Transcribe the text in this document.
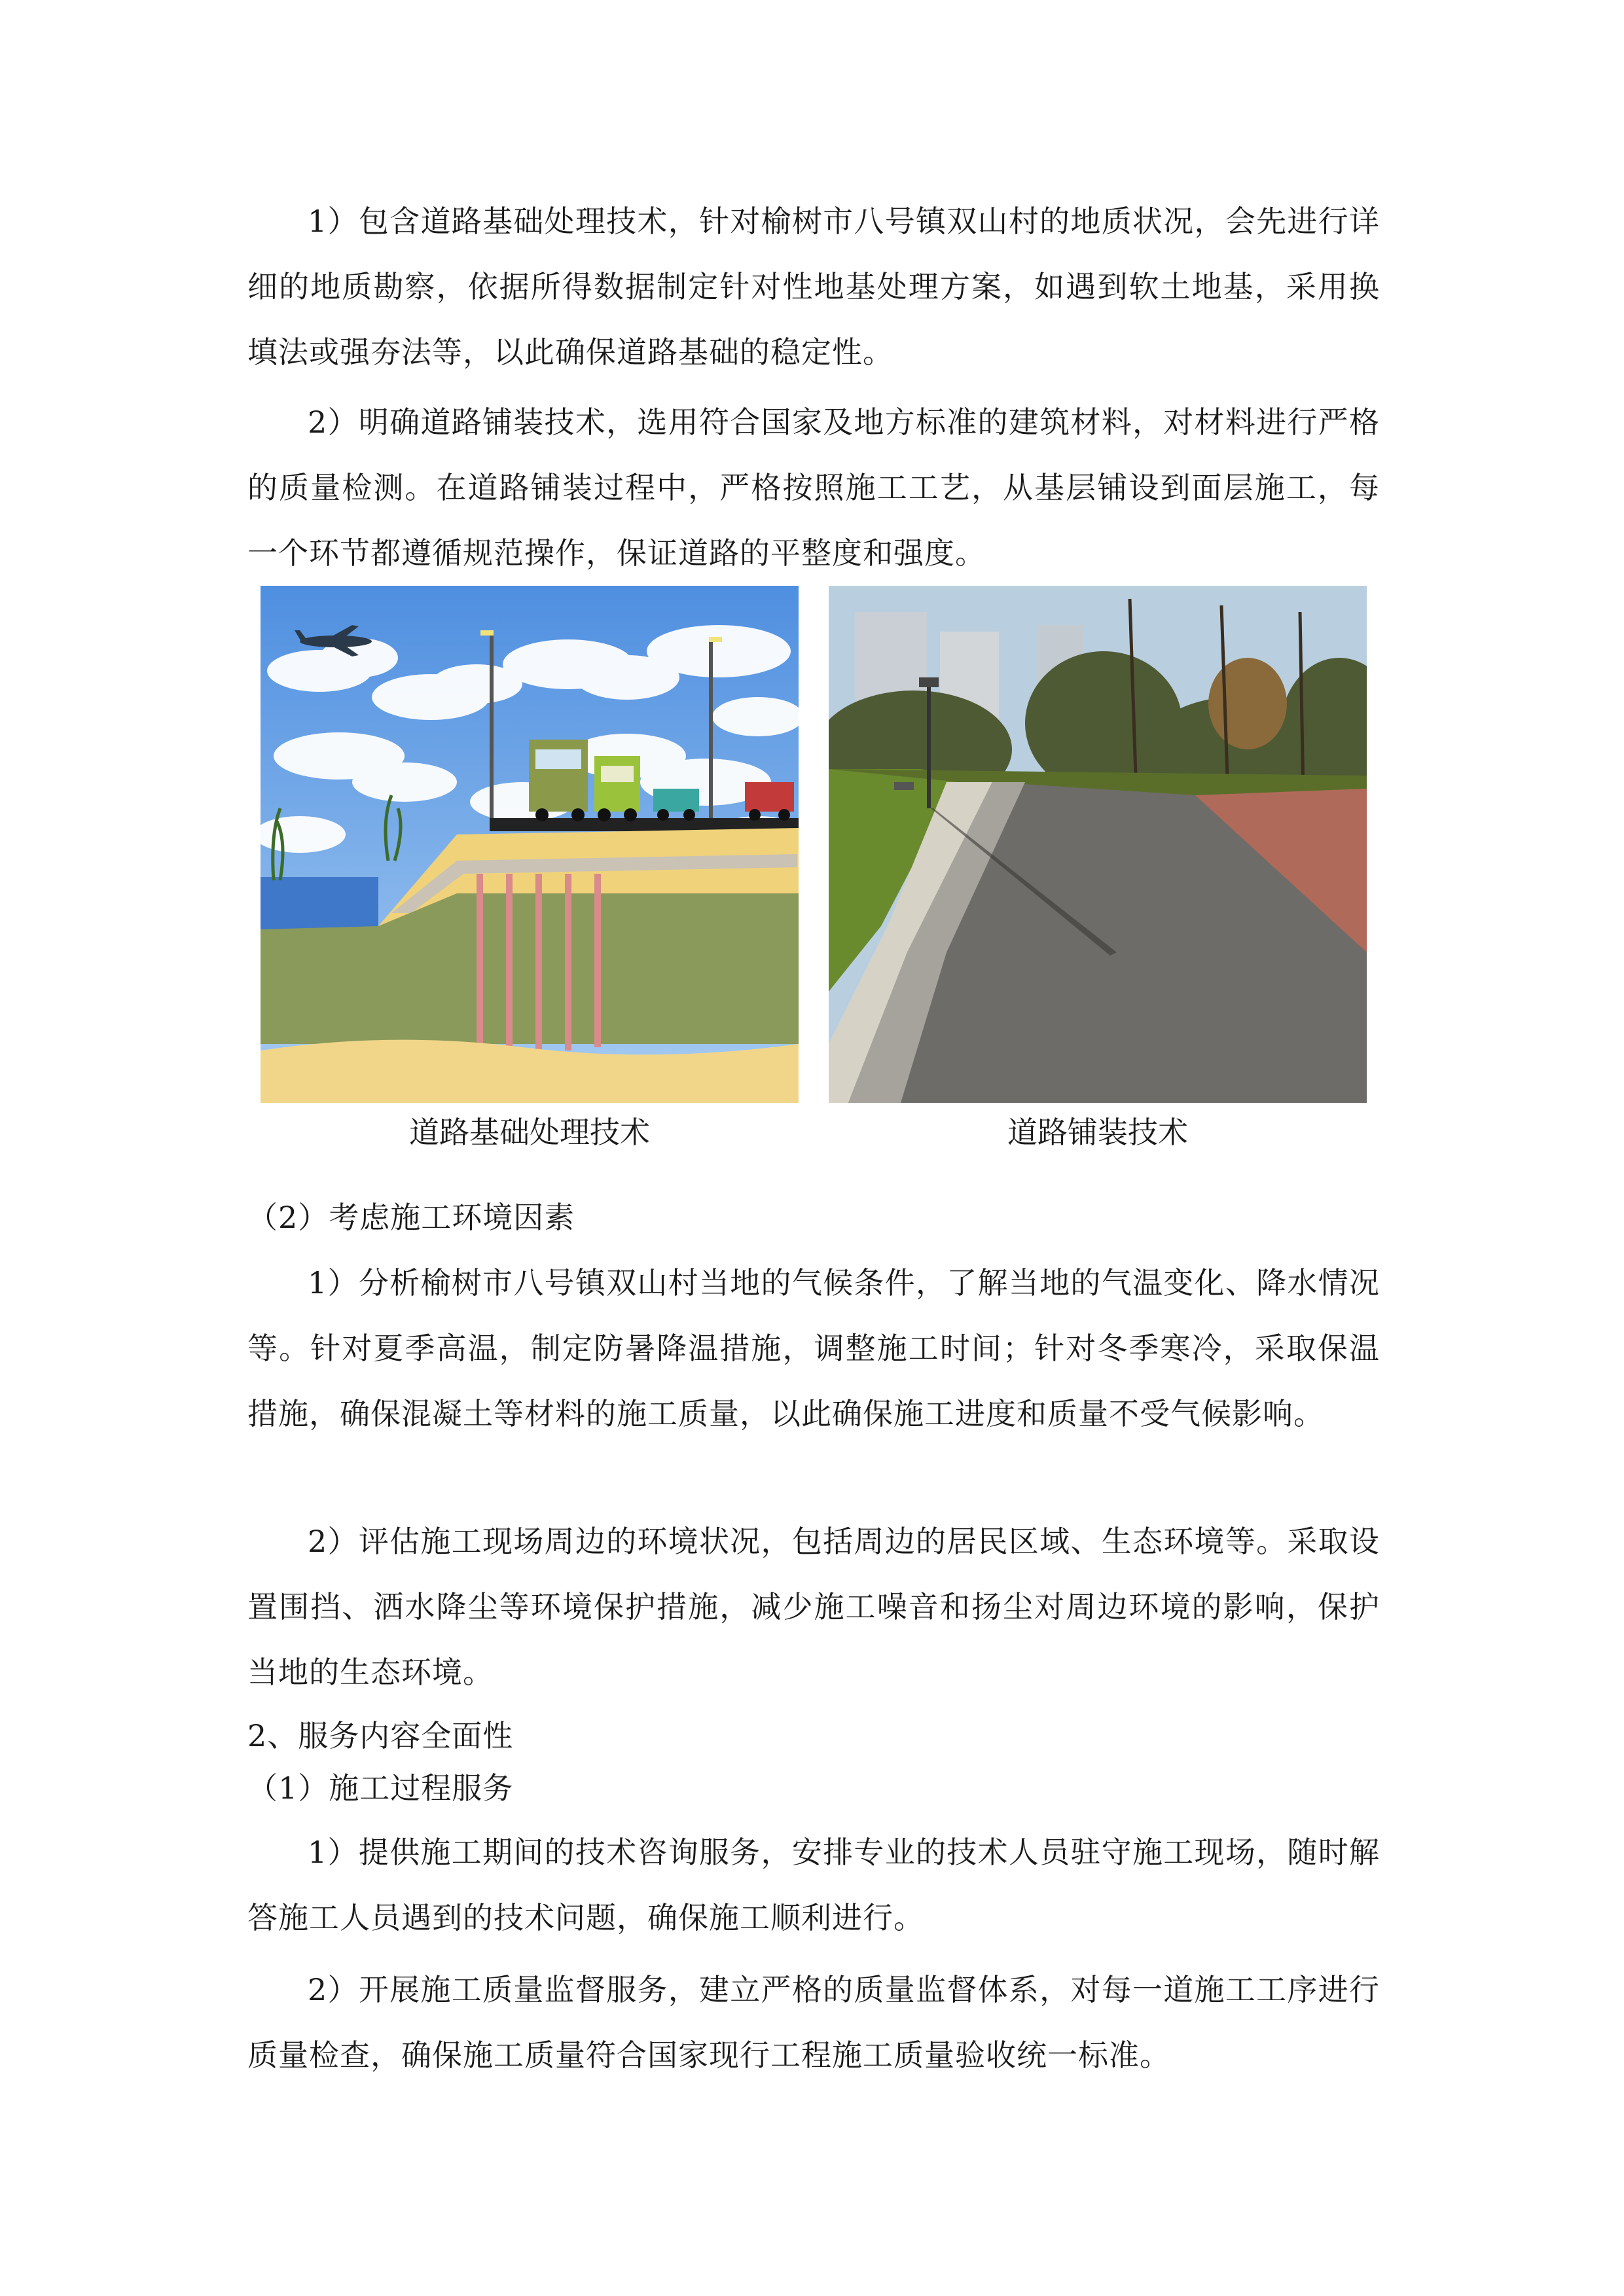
1）包含道路基础处理技术，针对榆树市八号镇双山村的地质状况，会先进行详细的地质勘察，依据所得数据制定针对性地基处理方案，如遇到软土地基，采用换填法或强夯法等，以此确保道路基础的稳定性。

2）明确道路铺装技术，选用符合国家及地方标准的建筑材料，对材料进行严格的质量检测。在道路铺装过程中，严格按照施工工艺，从基层铺设到面层施工，每一个环节都遵循规范操作，保证道路的平整度和强度。

道路基础处理技术	道路铺装技术

（2）考虑施工环境因素

1）分析榆树市八号镇双山村当地的气候条件，了解当地的气温变化、降水情况等。针对夏季高温，制定防暑降温措施，调整施工时间；针对冬季寒冷，采取保温措施，确保混凝土等材料的施工质量，以此确保施工进度和质量不受气候影响。

2）评估施工现场周边的环境状况，包括周边的居民区域、生态环境等。采取设置围挡、洒水降尘等环境保护措施，减少施工噪音和扬尘对周边环境的影响，保护当地的生态环境。

2、服务内容全面性

（1）施工过程服务

1）提供施工期间的技术咨询服务，安排专业的技术人员驻守施工现场，随时解答施工人员遇到的技术问题，确保施工顺利进行。

2）开展施工质量监督服务，建立严格的质量监督体系，对每一道施工工序进行质量检查，确保施工质量符合国家现行工程施工质量验收统一标准。
